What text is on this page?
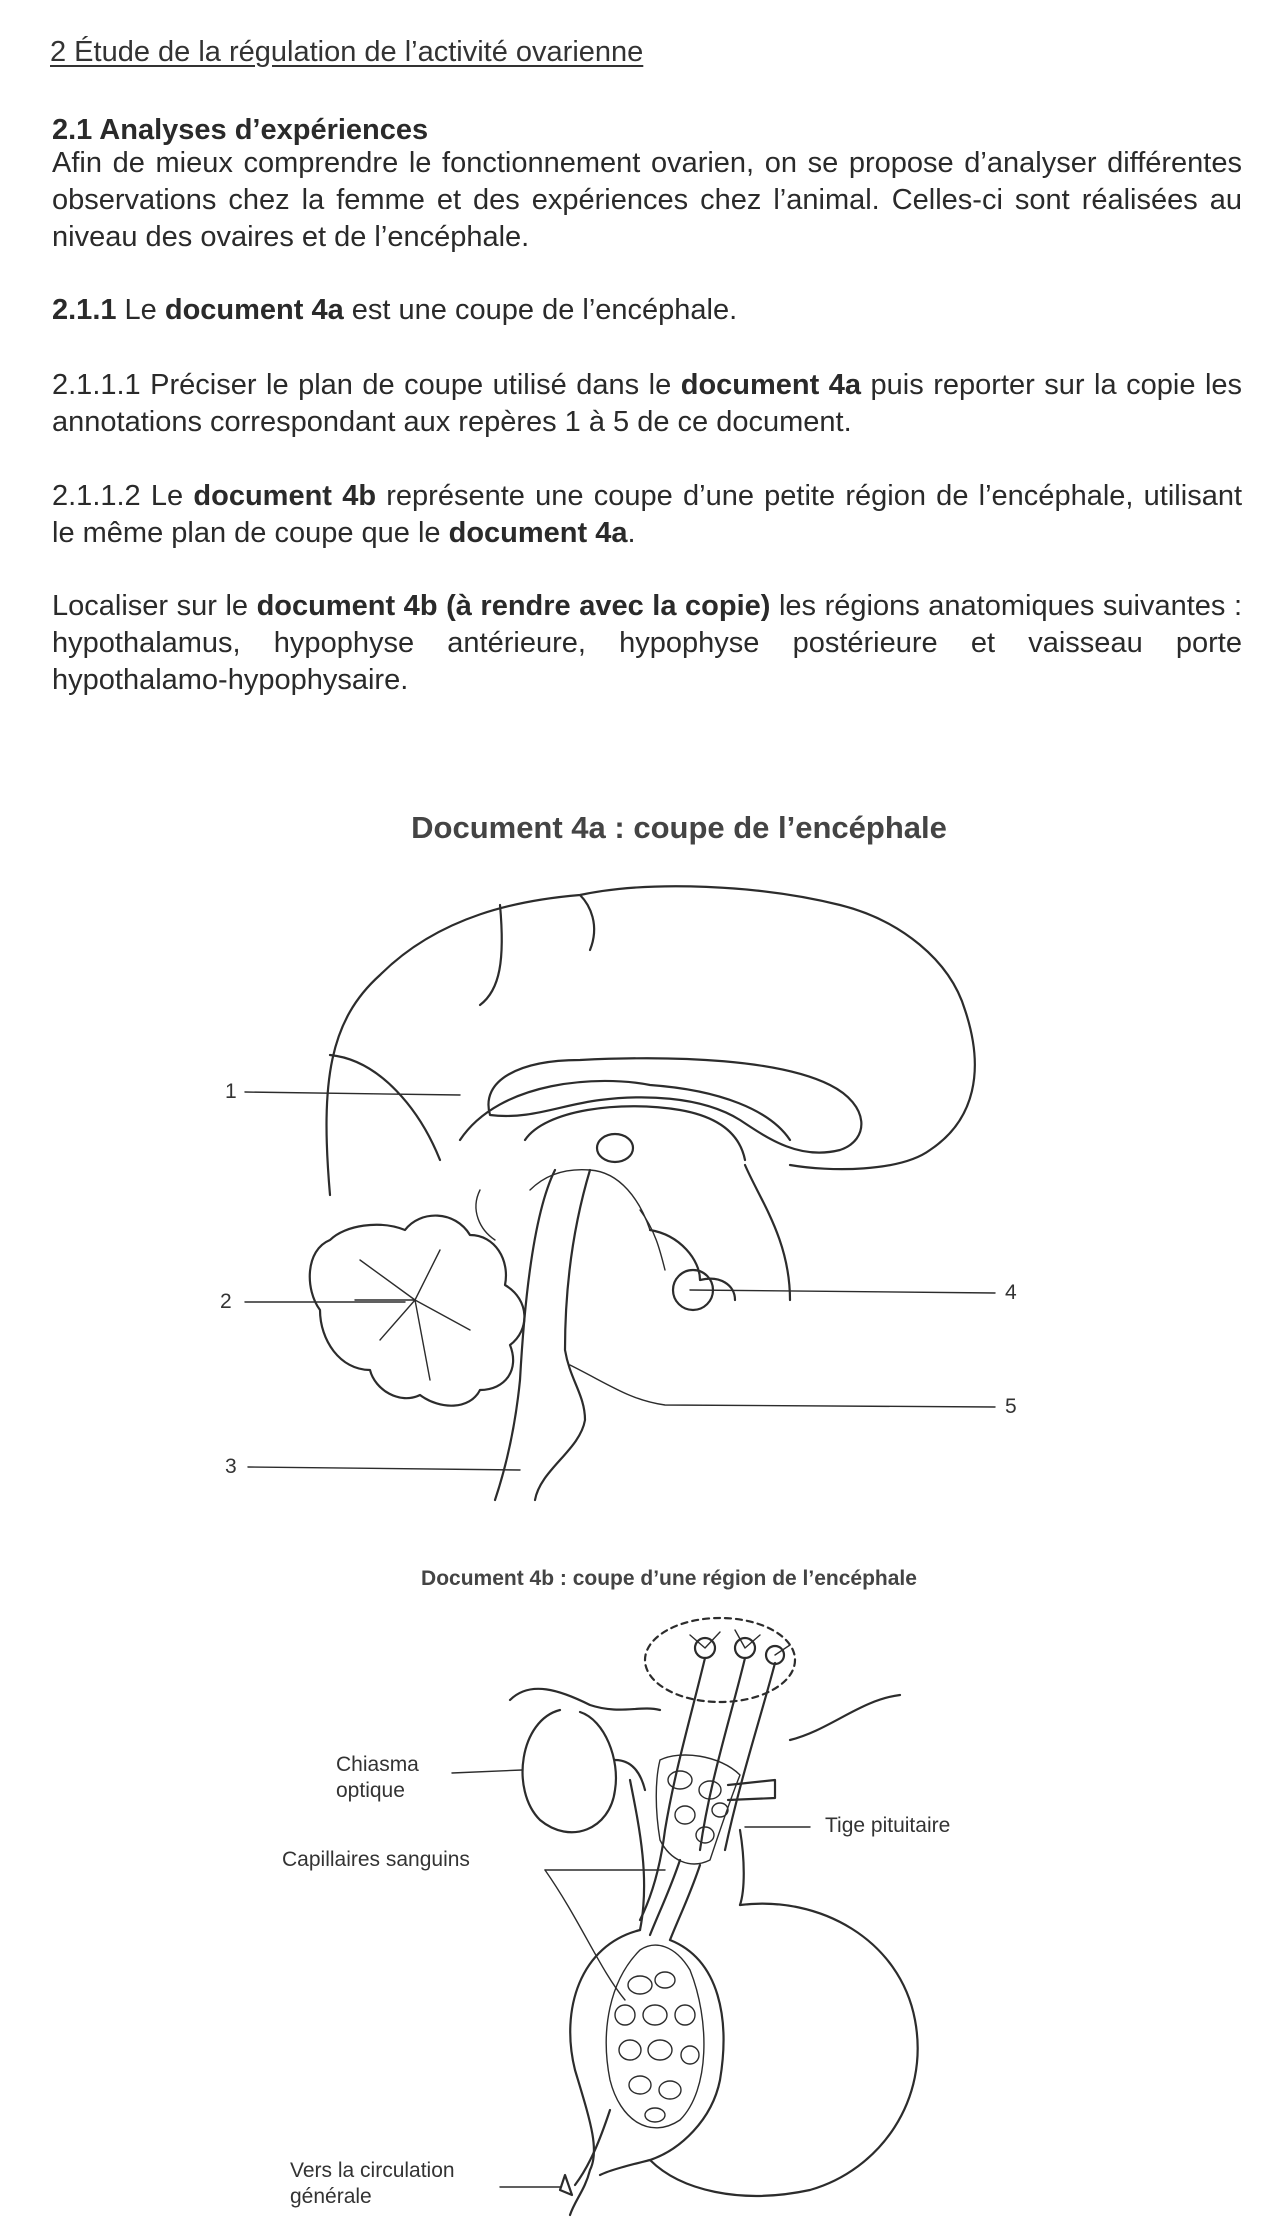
2 Étude de la régulation de l’activité ovarienne
2.1 Analyses d’expériences
Afin de mieux comprendre le fonctionnement ovarien, on se propose d’analyser différentes observations chez la femme et des expériences chez l’animal. Celles-ci sont réalisées au niveau des ovaires et de l’encéphale.
2.1.1 Le document 4a est une coupe de l’encéphale.
2.1.1.1 Préciser le plan de coupe utilisé dans le document 4a puis reporter sur la copie les annotations correspondant aux repères 1 à 5 de ce document.
2.1.1.2 Le document 4b représente une coupe d’une petite région de l’encéphale, utilisant le même plan de coupe que le document 4a.
Localiser sur le document 4b (à rendre avec la copie) les régions anatomiques suivantes : hypothalamus, hypophyse antérieure, hypophyse postérieure et vaisseau porte hypothalamo-hypophysaire.
Document 4a : coupe de l’encéphale
1
2
3
4
5
Document 4b : coupe d’une région de l’encéphale
Chiasma
optique
Capillaires sanguins
Tige pituitaire
Vers la circulation
générale
